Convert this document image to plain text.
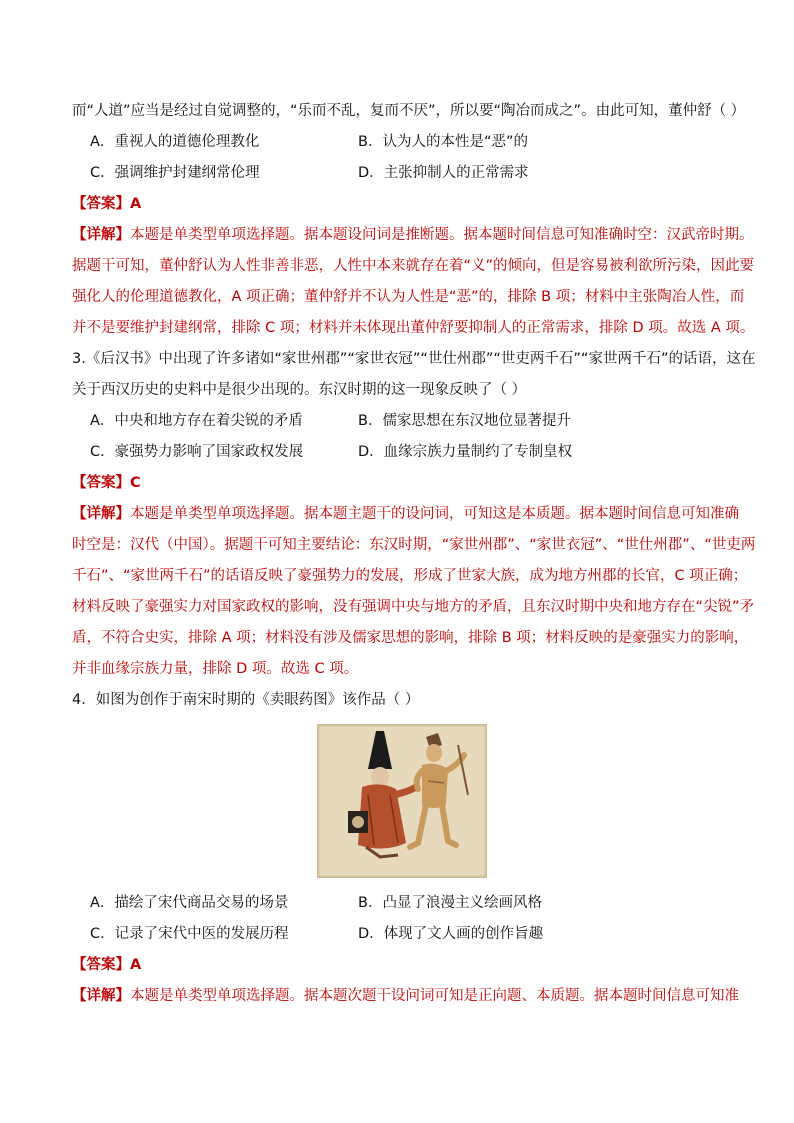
而“人道”应当是经过自觉调整的，“乐而不乱，复而不厌”，所以要“陶冶而成之”。由此可知，董仲舒（ ）
A．重视人的道德伦理教化	B．认为人的本性是“恶”的
C．强调维护封建纲常伦理	D．主张抑制人的正常需求
【答案】A
【详解】本题是单类型单项选择题。据本题设问词是推断题。据本题时间信息可知准确时空：汉武帝时期。
据题干可知，董仲舒认为人性非善非恶，人性中本来就存在着“义”的倾向，但是容易被利欲所污染，因此要
强化人的伦理道德教化，A 项正确；董仲舒并不认为人性是“恶”的，排除 B 项；材料中主张陶冶人性，而
并不是要维护封建纲常，排除 C 项；材料并未体现出董仲舒要抑制人的正常需求，排除 D 项。故选 A 项。
3.《后汉书》中出现了许多诸如“家世州郡”“家世衣冠”“世仕州郡”“世吏两千石”“家世两千石”的话语，这在
关于西汉历史的史料中是很少出现的。东汉时期的这一现象反映了（ ）
A．中央和地方存在着尖锐的矛盾	B．儒家思想在东汉地位显著提升
C．豪强势力影响了国家政权发展	D．血缘宗族力量制约了专制皇权
【答案】C
【详解】本题是单类型单项选择题。据本题主题干的设问词，可知这是本质题。据本题时间信息可知准确
时空是：汉代（中国）。据题干可知主要结论：东汉时期，“家世州郡”、“家世衣冠”、“世仕州郡”、“世吏两
千石”、“家世两千石”的话语反映了豪强势力的发展，形成了世家大族，成为地方州郡的长官，C 项正确；
材料反映了豪强实力对国家政权的影响，没有强调中央与地方的矛盾，且东汉时期中央和地方存在“尖锐”矛
盾，不符合史实，排除 A 项；材料没有涉及儒家思想的影响，排除 B 项；材料反映的是豪强实力的影响，
并非血缘宗族力量，排除 D 项。故选 C 项。
4．如图为创作于南宋时期的《卖眼药图》该作品（ ）
A．描绘了宋代商品交易的场景	B．凸显了浪漫主义绘画风格
C．记录了宋代中医的发展历程	D．体现了文人画的创作旨趣
【答案】A
【详解】本题是单类型单项选择题。据本题次题干设问词可知是正向题、本质题。据本题时间信息可知准
